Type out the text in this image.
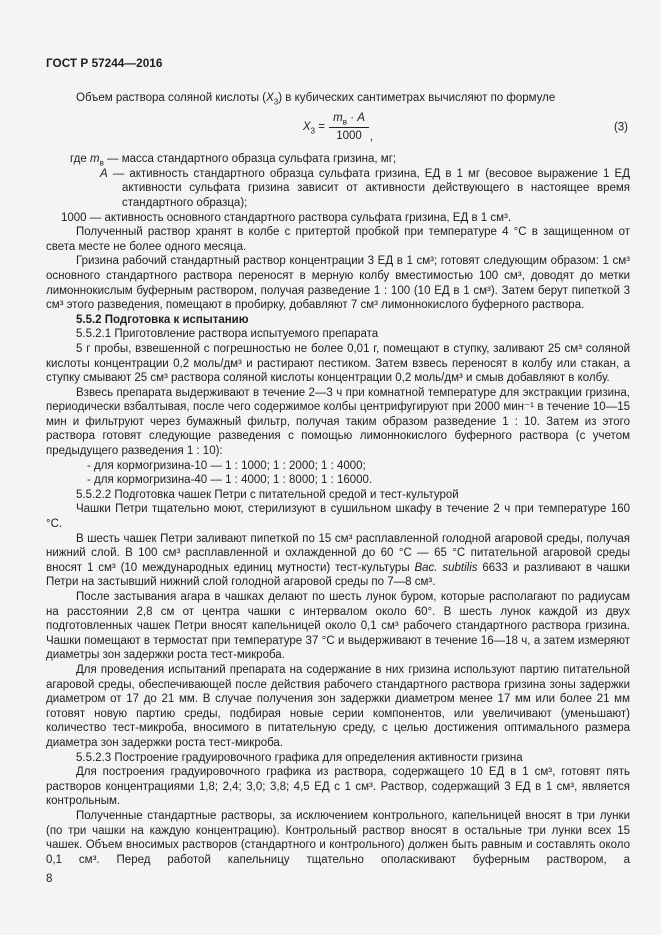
ГОСТ Р 57244—2016
Объем раствора соляной кислоты $(X_3)$ в кубических сантиметрах вычисляют по формуле
$X_3 = \frac{m_в \cdot A}{1000}$ ,
(3)
где $m_в$ — масса стандартного образца сульфата гризина, мг;
А — активность стандартного образца сульфата гризина, ЕД в 1 мг (весовое выражение 1 ЕД активности сульфата гризина зависит от активности действующего в настоящее время стандартного образца);
1000 — активность основного стандартного раствора сульфата гризина, ЕД в 1 см³.
Полученный раствор хранят в колбе с притертой пробкой при температуре 4 °С в защищенном от света месте не более одного месяца.
Гризина рабочий стандартный раствор концентрации 3 ЕД в 1 см³; готовят следующим образом: 1 см³ основного стандартного раствора переносят в мерную колбу вместимостью 100 см³, доводят до метки лимоннокислым буферным раствором, получая разведение 1 : 100 (10 ЕД в 1 см³). Затем берут пипеткой 3 см³ этого разведения, помещают в пробирку, добавляют 7 см³ лимоннокислого буферного раствора.
5.5.2 Подготовка к испытанию
5.5.2.1 Приготовление раствора испытуемого препарата
5 г пробы, взвешенной с погрешностью не более 0,01 г, помещают в ступку, заливают 25 см³ соляной кислоты концентрации 0,2 моль/дм³ и растирают пестиком. Затем взвесь переносят в колбу или стакан, а ступку смывают 25 см³ раствора соляной кислоты концентрации 0,2 моль/дм³ и смыв добавляют в колбу.
Взвесь препарата выдерживают в течение 2—3 ч при комнатной температуре для экстракции гризина, периодически взбалтывая, после чего содержимое колбы центрифугируют при 2000 мин⁻¹ в течение 10—15 мин и фильтруют через бумажный фильтр, получая таким образом разведение 1 : 10. Затем из этого раствора готовят следующие разведения с помощью лимоннокислого буферного раствора (с учетом предыдущего разведения 1 : 10):
- для кормогризина-10 — 1 : 1000; 1 : 2000; 1 : 4000;
- для кормогризина-40 — 1 : 4000; 1 : 8000; 1 : 16000.
5.5.2.2 Подготовка чашек Петри с питательной средой и тест-культурой
Чашки Петри тщательно моют, стерилизуют в сушильном шкафу в течение 2 ч при температуре 160 °С.
В шесть чашек Петри заливают пипеткой по 15 см³ расплавленной голодной агаровой среды, получая нижний слой. В 100 см³ расплавленной и охлажденной до 60 °С — 65 °С питательной агаровой среды вносят 1 см³ (10 международных единиц мутности) тест-культуры Bac. subtilis 6633 и разливают в чашки Петри на застывший нижний слой голодной агаровой среды по 7—8 см³.
После застывания агара в чашках делают по шесть лунок буром, которые располагают по радиусам на расстоянии 2,8 см от центра чашки с интервалом около 60°. В шесть лунок каждой из двух подготовленных чашек Петри вносят капельницей около 0,1 см³ рабочего стандартного раствора гризина. Чашки помещают в термостат при температуре 37 °С и выдерживают в течение 16—18 ч, а затем измеряют диаметры зон задержки роста тест-микроба.
Для проведения испытаний препарата на содержание в них гризина используют партию питательной агаровой среды, обеспечивающей после действия рабочего стандартного раствора гризина зоны задержки диаметром от 17 до 21 мм. В случае получения зон задержки диаметром менее 17 мм или более 21 мм готовят новую партию среды, подбирая новые серии компонентов, или увеличивают (уменьшают) количество тест-микроба, вносимого в питательную среду, с целью достижения оптимального размера диаметра зон задержки роста тест-микроба.
5.5.2.3 Построение градуировочного графика для определения активности гризина
Для построения градуировочного графика из раствора, содержащего 10 ЕД в 1 см³, готовят пять растворов концентрациями 1,8; 2,4; 3,0; 3,8; 4,5 ЕД с 1 см³. Раствор, содержащий 3 ЕД в 1 см³, является контрольным.
Полученные стандартные растворы, за исключением контрольного, капельницей вносят в три лунки (по три чашки на каждую концентрацию). Контрольный раствор вносят в остальные три лунки всех 15 чашек. Объем вносимых растворов (стандартного и контрольного) должен быть равным и составлять около 0,1 см³. Перед работой капельницу тщательно ополаскивают буферным раствором, а
8
